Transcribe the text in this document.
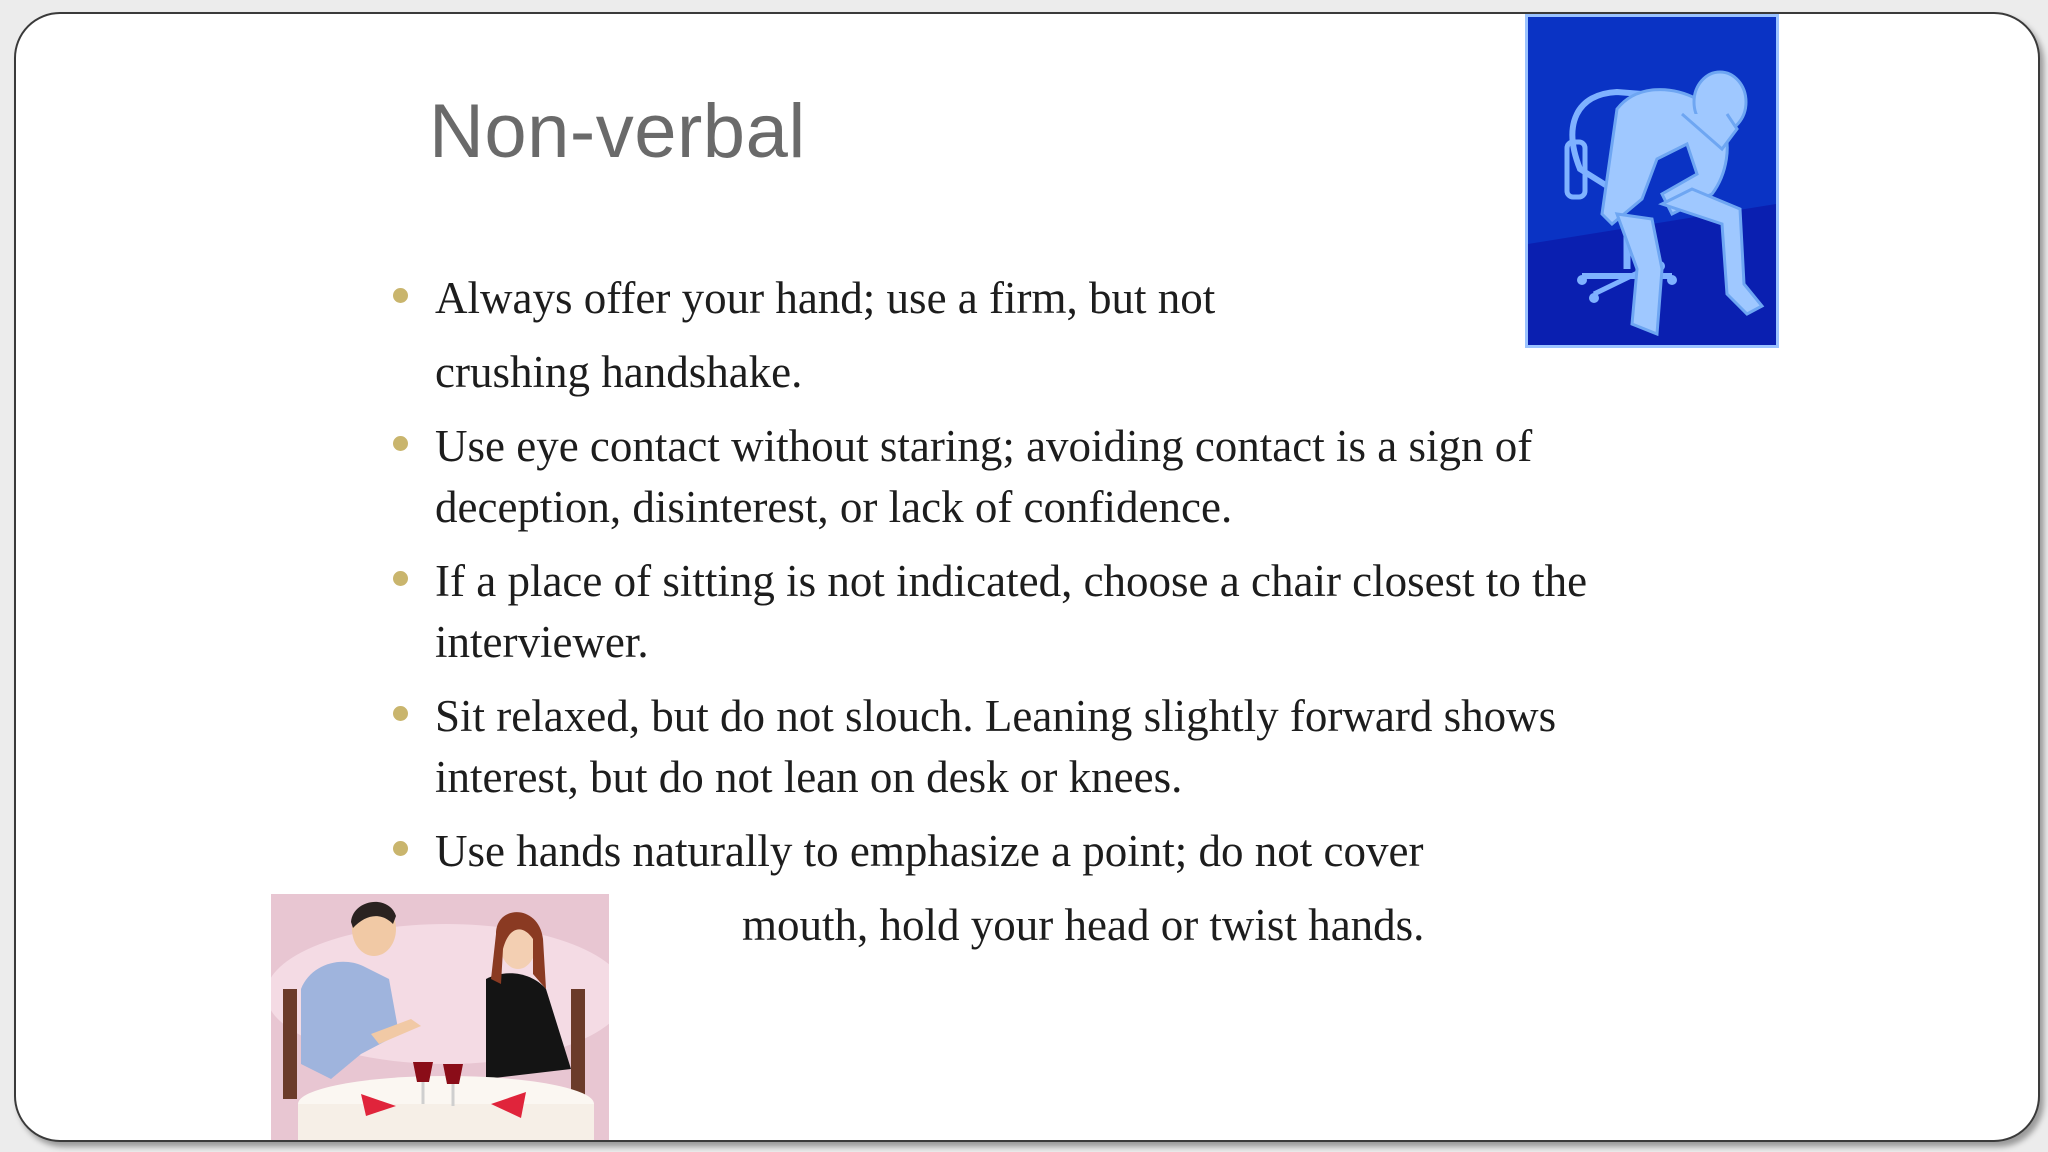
Non-verbal
Always offer your hand; use a firm, but not
crushing handshake.
Use eye contact without staring; avoiding contact is a sign of
deception, disinterest, or lack of confidence.
If a place of sitting is not indicated, choose a chair closest to the
interviewer.
Sit relaxed, but do not slouch. Leaning slightly forward shows
interest, but do not lean on desk or knees.
Use hands naturally to emphasize a point; do not cover
mouth, hold your head or twist hands.
